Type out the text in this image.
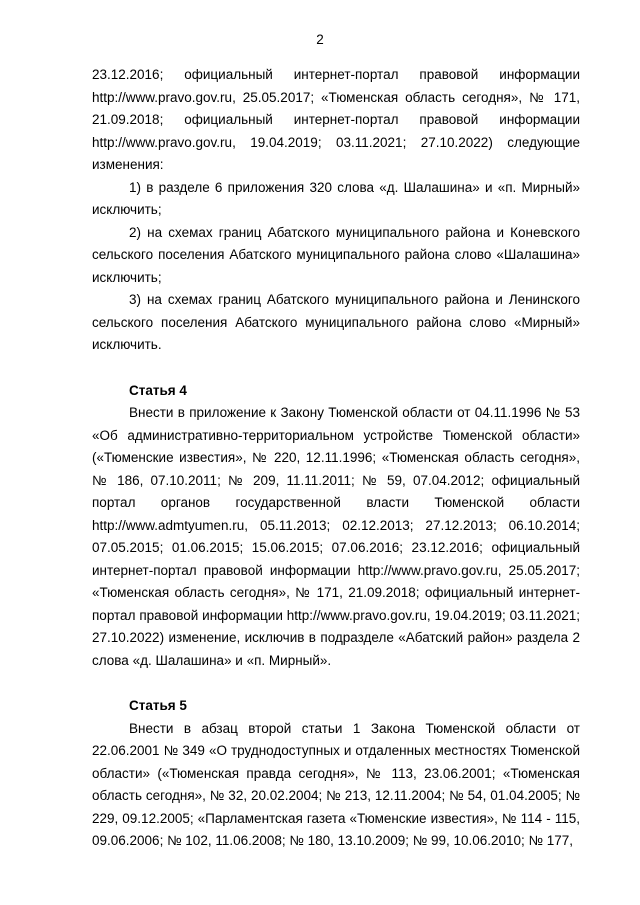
2

23.12.2016; официальный интернет-портал правовой информации http://www.pravo.gov.ru, 25.05.2017; «Тюменская область сегодня», № 171, 21.09.2018; официальный интернет-портал правовой информации http://www.pravo.gov.ru, 19.04.2019; 03.11.2021; 27.10.2022) следующие изменения:

1) в разделе 6 приложения 320 слова «д. Шалашина» и «п. Мирный» исключить;

2) на схемах границ Абатского муниципального района и Коневского сельского поселения Абатского муниципального района слово «Шалашина» исключить;

3) на схемах границ Абатского муниципального района и Ленинского сельского поселения Абатского муниципального района слово «Мирный» исключить.

Статья 4

Внести в приложение к Закону Тюменской области от 04.11.1996 № 53 «Об административно-территориальном устройстве Тюменской области» («Тюменские известия», № 220, 12.11.1996; «Тюменская область сегодня», № 186, 07.10.2011; № 209, 11.11.2011; № 59, 07.04.2012; официальный портал органов государственной власти Тюменской области http://www.admtyumen.ru, 05.11.2013; 02.12.2013; 27.12.2013; 06.10.2014; 07.05.2015; 01.06.2015; 15.06.2015; 07.06.2016; 23.12.2016; официальный интернет-портал правовой информации http://www.pravo.gov.ru, 25.05.2017; «Тюменская область сегодня», № 171, 21.09.2018; официальный интернет-портал правовой информации http://www.pravo.gov.ru, 19.04.2019; 03.11.2021; 27.10.2022) изменение, исключив в подразделе «Абатский район» раздела 2 слова «д. Шалашина» и «п. Мирный».

Статья 5

Внести в абзац второй статьи 1 Закона Тюменской области от 22.06.2001 № 349 «О труднодоступных и отдаленных местностях Тюменской области» («Тюменская правда сегодня», № 113, 23.06.2001; «Тюменская область сегодня», № 32, 20.02.2004; № 213, 12.11.2004; № 54, 01.04.2005; № 229, 09.12.2005; «Парламентская газета «Тюменские известия», № 114 - 115, 09.06.2006; № 102, 11.06.2008; № 180, 13.10.2009; № 99, 10.06.2010; № 177,
